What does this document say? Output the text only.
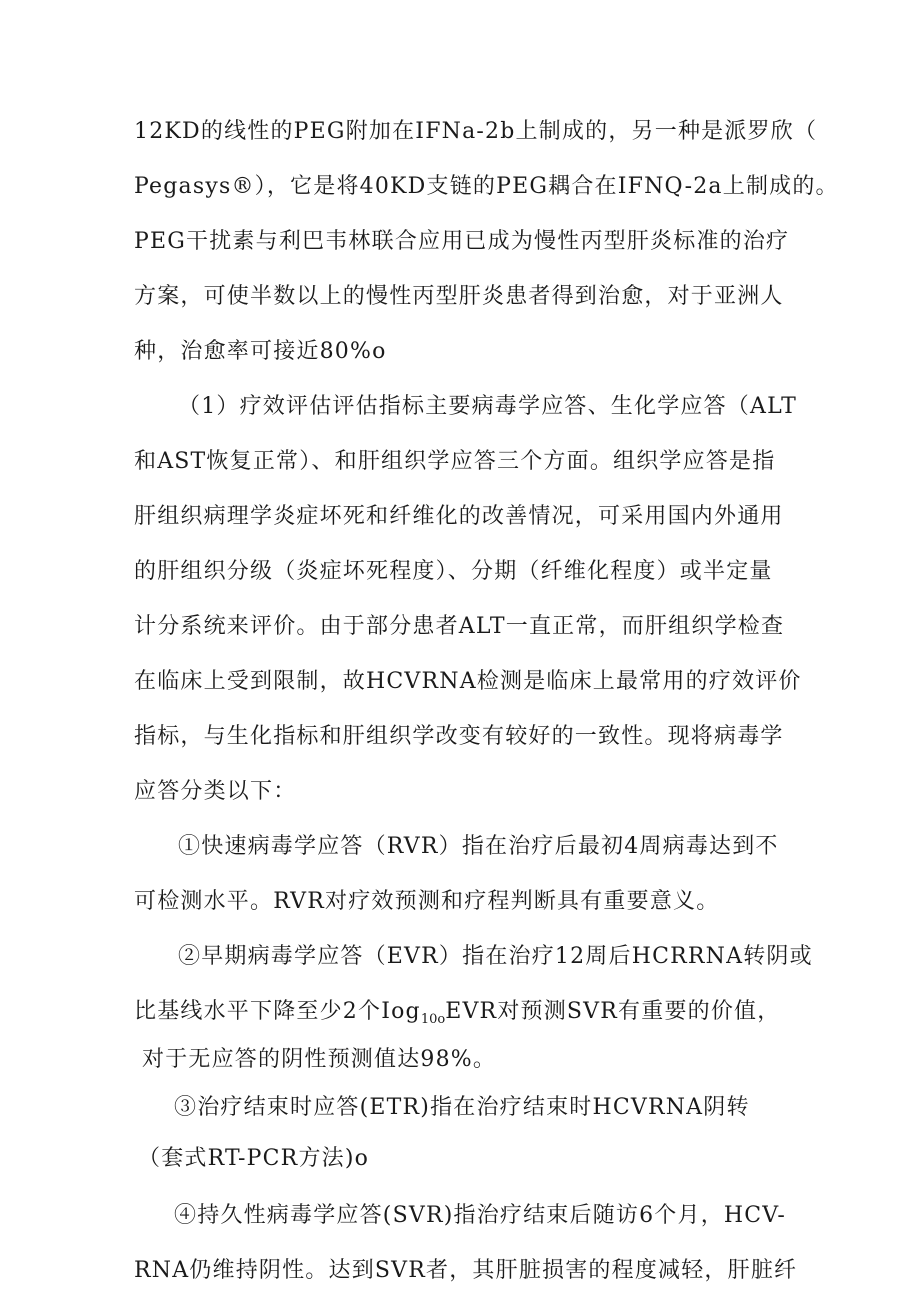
12KD的线性的PEG附加在IFNa-2b上制成的，另一种是派罗欣（
Pegasys®），它是将40KD支链的PEG耦合在IFNQ-2a上制成的。
PEG干扰素与利巴韦林联合应用已成为慢性丙型肝炎标准的治疗
方案，可使半数以上的慢性丙型肝炎患者得到治愈，对于亚洲人
种，治愈率可接近80%o
（1）疗效评估评估指标主要病毒学应答、生化学应答（ALT
和AST恢复正常）、和肝组织学应答三个方面。组织学应答是指
肝组织病理学炎症坏死和纤维化的改善情况，可采用国内外通用
的肝组织分级（炎症坏死程度）、分期（纤维化程度）或半定量
计分系统来评价。由于部分患者ALT一直正常，而肝组织学检查
在临床上受到限制，故HCVRNA检测是临床上最常用的疗效评价
指标，与生化指标和肝组织学改变有较好的一致性。现将病毒学
应答分类以下：
①快速病毒学应答（RVR）指在治疗后最初4周病毒达到不
可检测水平。RVR对疗效预测和疗程判断具有重要意义。
②早期病毒学应答（EVR）指在治疗12周后HCRRNA转阴或
比基线水平下降至少2个Iog$_{10o}$EVR对预测SVR有重要的价值，
对于无应答的阴性预测值达98%。
③治疗结束时应答(ETR)指在治疗结束时HCVRNA阴转
（套式RT-PCR方法)o
④持久性病毒学应答(SVR)指治疗结束后随访6个月，HCV-
RNA仍维持阴性。达到SVR者，其肝脏损害的程度减轻，肝脏纤
